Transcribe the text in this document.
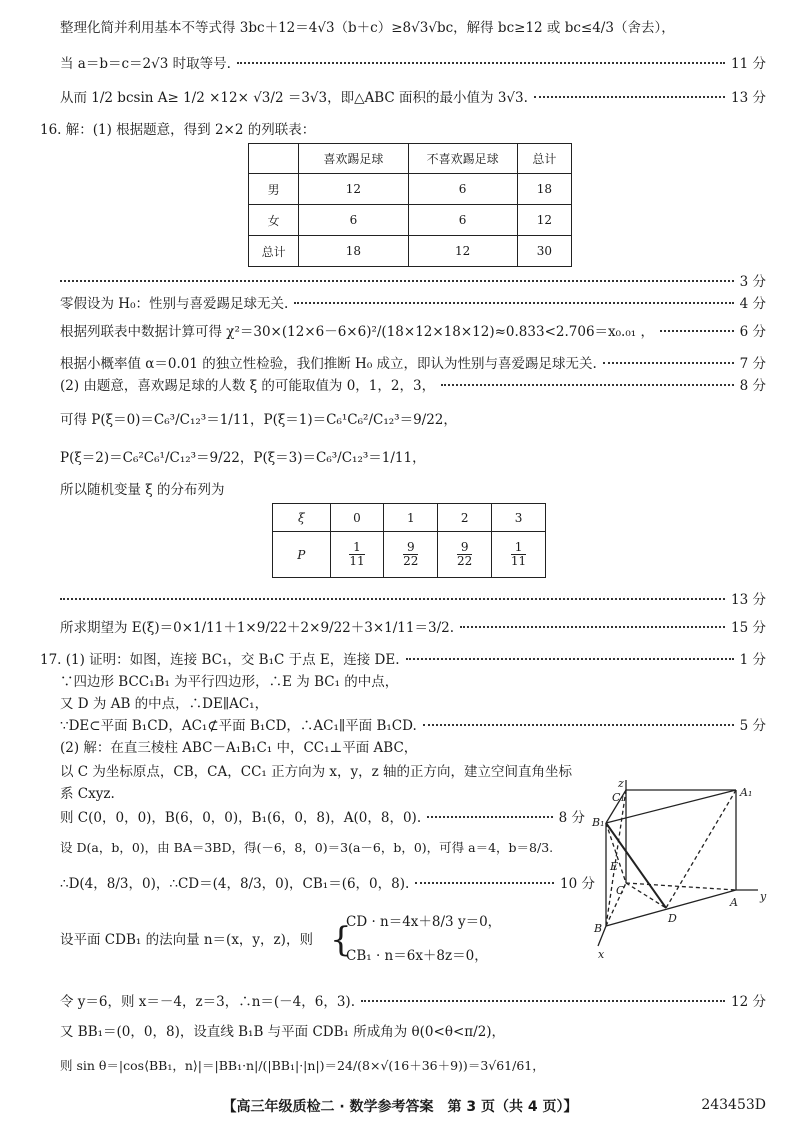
整理化简并利用基本不等式得 3bc＋12＝4√3（b＋c）≥8√3√bc，解得 bc≥12 或 bc≤4/3（舍去），
当 a＝b＝c＝2√3 时取等号.	11 分
从而 1/2 bcsin A≥ 1/2 ×12× √3/2 ＝3√3，即△ABC 面积的最小值为 3√3.	13 分
16. 解：(1) 根据题意，得到 2×2 的列联表：
	喜欢踢足球	不喜欢踢足球	总计
男	12	6	18
女	6	6	12
总计	18	12	30
3 分
零假设为 H₀：性别与喜爱踢足球无关.	4 分
根据列联表中数据计算可得 χ²＝30×(12×6－6×6)²/(18×12×18×12)≈0.833<2.706＝x₀.₀₁ ，	6 分
根据小概率值 α＝0.01 的独立性检验，我们推断 H₀ 成立，即认为性别与喜爱踢足球无关.	7 分
(2) 由题意，喜欢踢足球的人数 ξ 的可能取值为 0，1，2，3，	8 分
可得 P(ξ＝0)＝C₆³/C₁₂³＝1/11，P(ξ＝1)＝C₆¹C₆²/C₁₂³＝9/22，
P(ξ＝2)＝C₆²C₆¹/C₁₂³＝9/22，P(ξ＝3)＝C₆³/C₁₂³＝1/11，
所以随机变量 ξ 的分布列为
ξ	0	1	2	3
P	$\frac{1}{11}$	$\frac{9}{22}$	$\frac{9}{22}$	$\frac{1}{11}$
13 分
所求期望为 E(ξ)＝0×1/11＋1×9/22＋2×9/22＋3×1/11＝3/2.	15 分
17. (1) 证明：如图，连接 BC₁，交 B₁C 于点 E，连接 DE.	1 分
∵四边形 BCC₁B₁ 为平行四边形，∴E 为 BC₁ 的中点，
又 D 为 AB 的中点，∴DE∥AC₁，
∵DE⊂平面 B₁CD，AC₁⊄平面 B₁CD，∴AC₁∥平面 B₁CD.	5 分
(2) 解：在直三棱柱 ABC－A₁B₁C₁ 中，CC₁⊥平面 ABC，
以 C 为坐标原点，CB，CA，CC₁ 正方向为 x，y，z 轴的正方向，建立空间直角坐标
系 Cxyz.
则 C(0，0，0)，B(6，0，0)，B₁(6，0，8)，A(0，8，0).	8 分
设 D(a，b，0)，由 BA＝3BD，得(－6，8，0)＝3(a－6，b，0)，可得 a＝4，b＝8/3.
∴D(4，8/3，0)，∴CD＝(4，8/3，0)，CB₁＝(6，0，8).	10 分
设平面 CDB₁ 的法向量 n＝(x，y，z)，则 {
CD · n＝4x＋8/3 y＝0，
CB₁ · n＝6x＋8z＝0，
令 y＝6，则 x＝－4，z＝3，∴n＝(－4，6，3).	12 分
又 BB₁＝(0，0，8)，设直线 B₁B 与平面 CDB₁ 所成角为 θ(0<θ<π/2)，
则 sin θ＝|cos⟨BB₁，n⟩|＝|BB₁·n|/(|BB₁|·|n|)＝24/(8×√(16＋36＋9))＝3√61/61，
z
C₁	A₁
B₁
E
C
A y
B
D
x
【高三年级质检二 · 数学参考答案　第 3 页（共 4 页）】	243453D
